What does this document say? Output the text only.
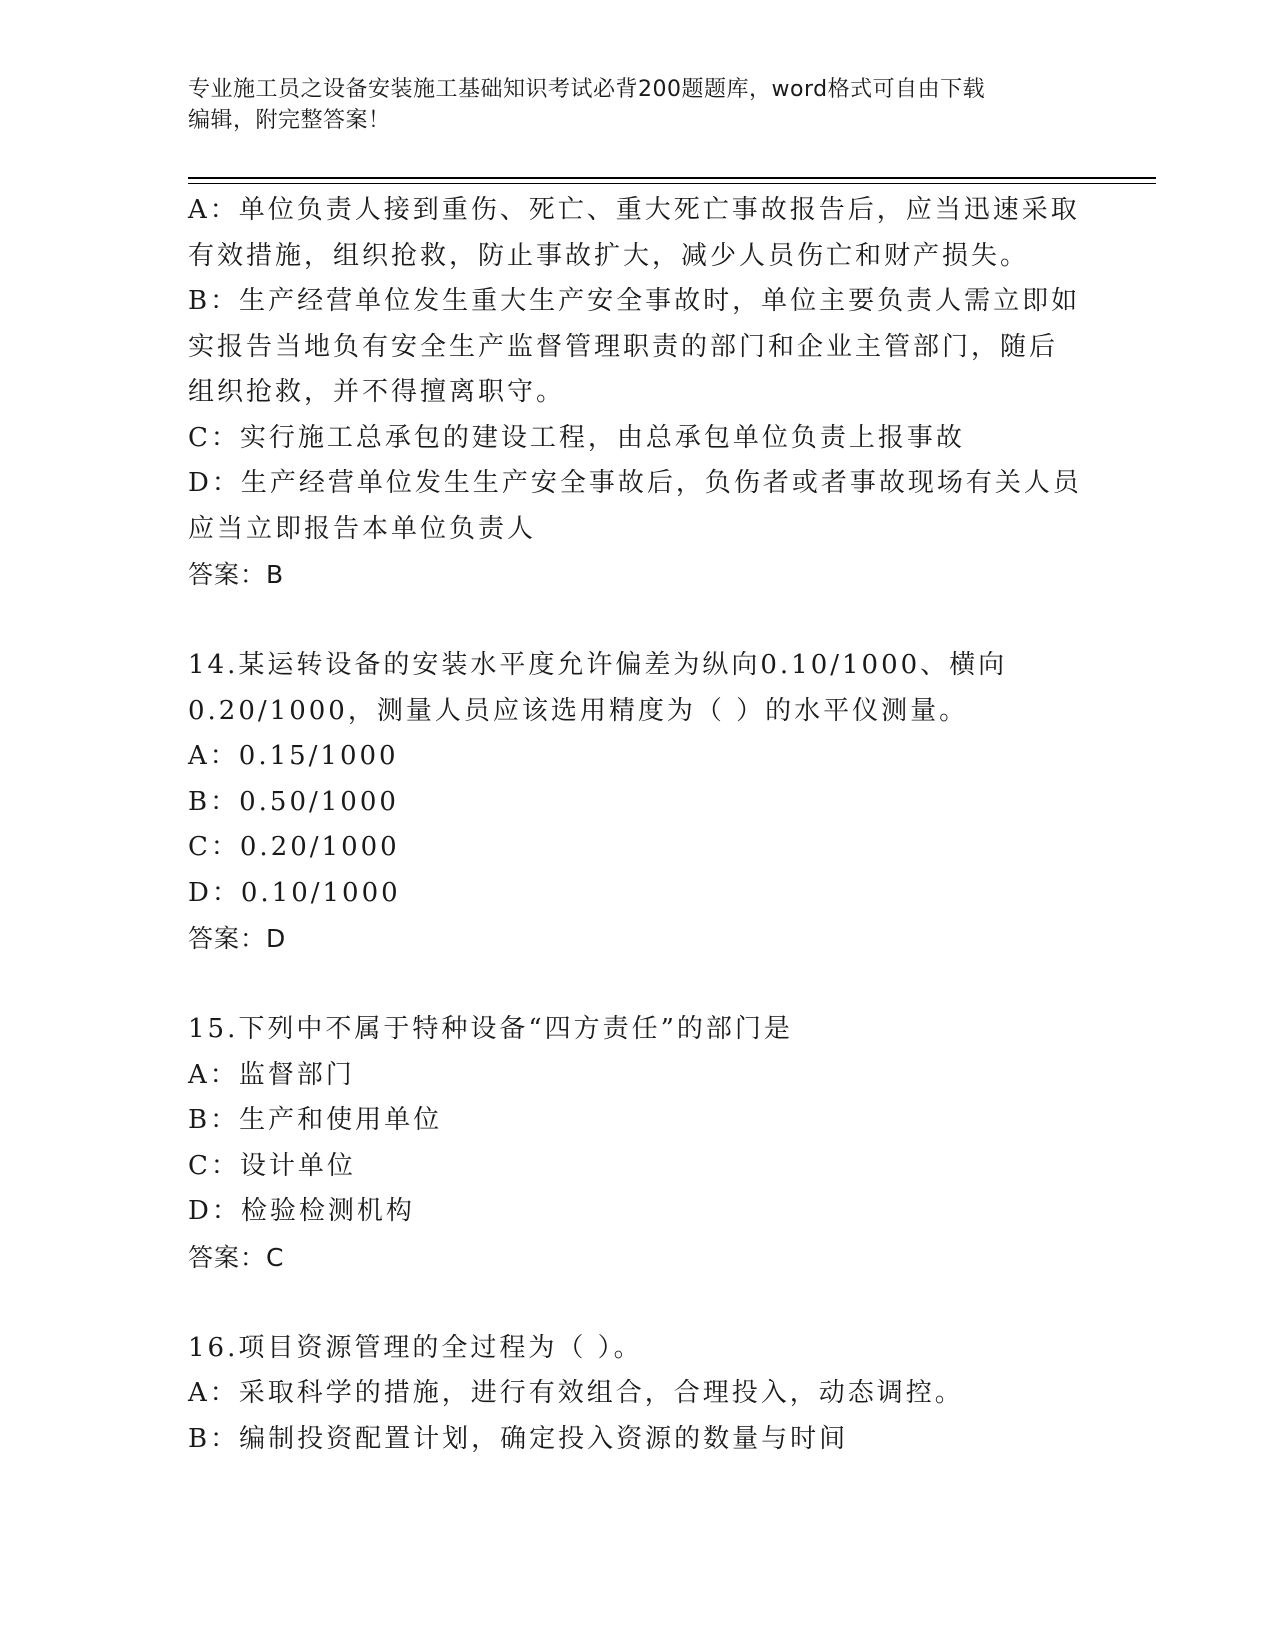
专业施工员之设备安装施工基础知识考试必背200题题库，word格式可自由下载
编辑，附完整答案！
A：单位负责人接到重伤、死亡、重大死亡事故报告后，应当迅速采取
有效措施，组织抢救，防止事故扩大，减少人员伤亡和财产损失。
B：生产经营单位发生重大生产安全事故时，单位主要负责人需立即如
实报告当地负有安全生产监督管理职责的部门和企业主管部门，随后
组织抢救，并不得擅离职守。
C：实行施工总承包的建设工程，由总承包单位负责上报事故
D：生产经营单位发生生产安全事故后，负伤者或者事故现场有关人员
应当立即报告本单位负责人
答案：B
14.某运转设备的安装水平度允许偏差为纵向0.10/1000、横向
0.20/1000，测量人员应该选用精度为（ ）的水平仪测量。
A：0.15/1000
B：0.50/1000
C：0.20/1000
D：0.10/1000
答案：D
15.下列中不属于特种设备“四方责任”的部门是
A：监督部门
B：生产和使用单位
C：设计单位
D：检验检测机构
答案：C
16.项目资源管理的全过程为（ ）。
A：采取科学的措施，进行有效组合，合理投入，动态调控。
B：编制投资配置计划，确定投入资源的数量与时间
